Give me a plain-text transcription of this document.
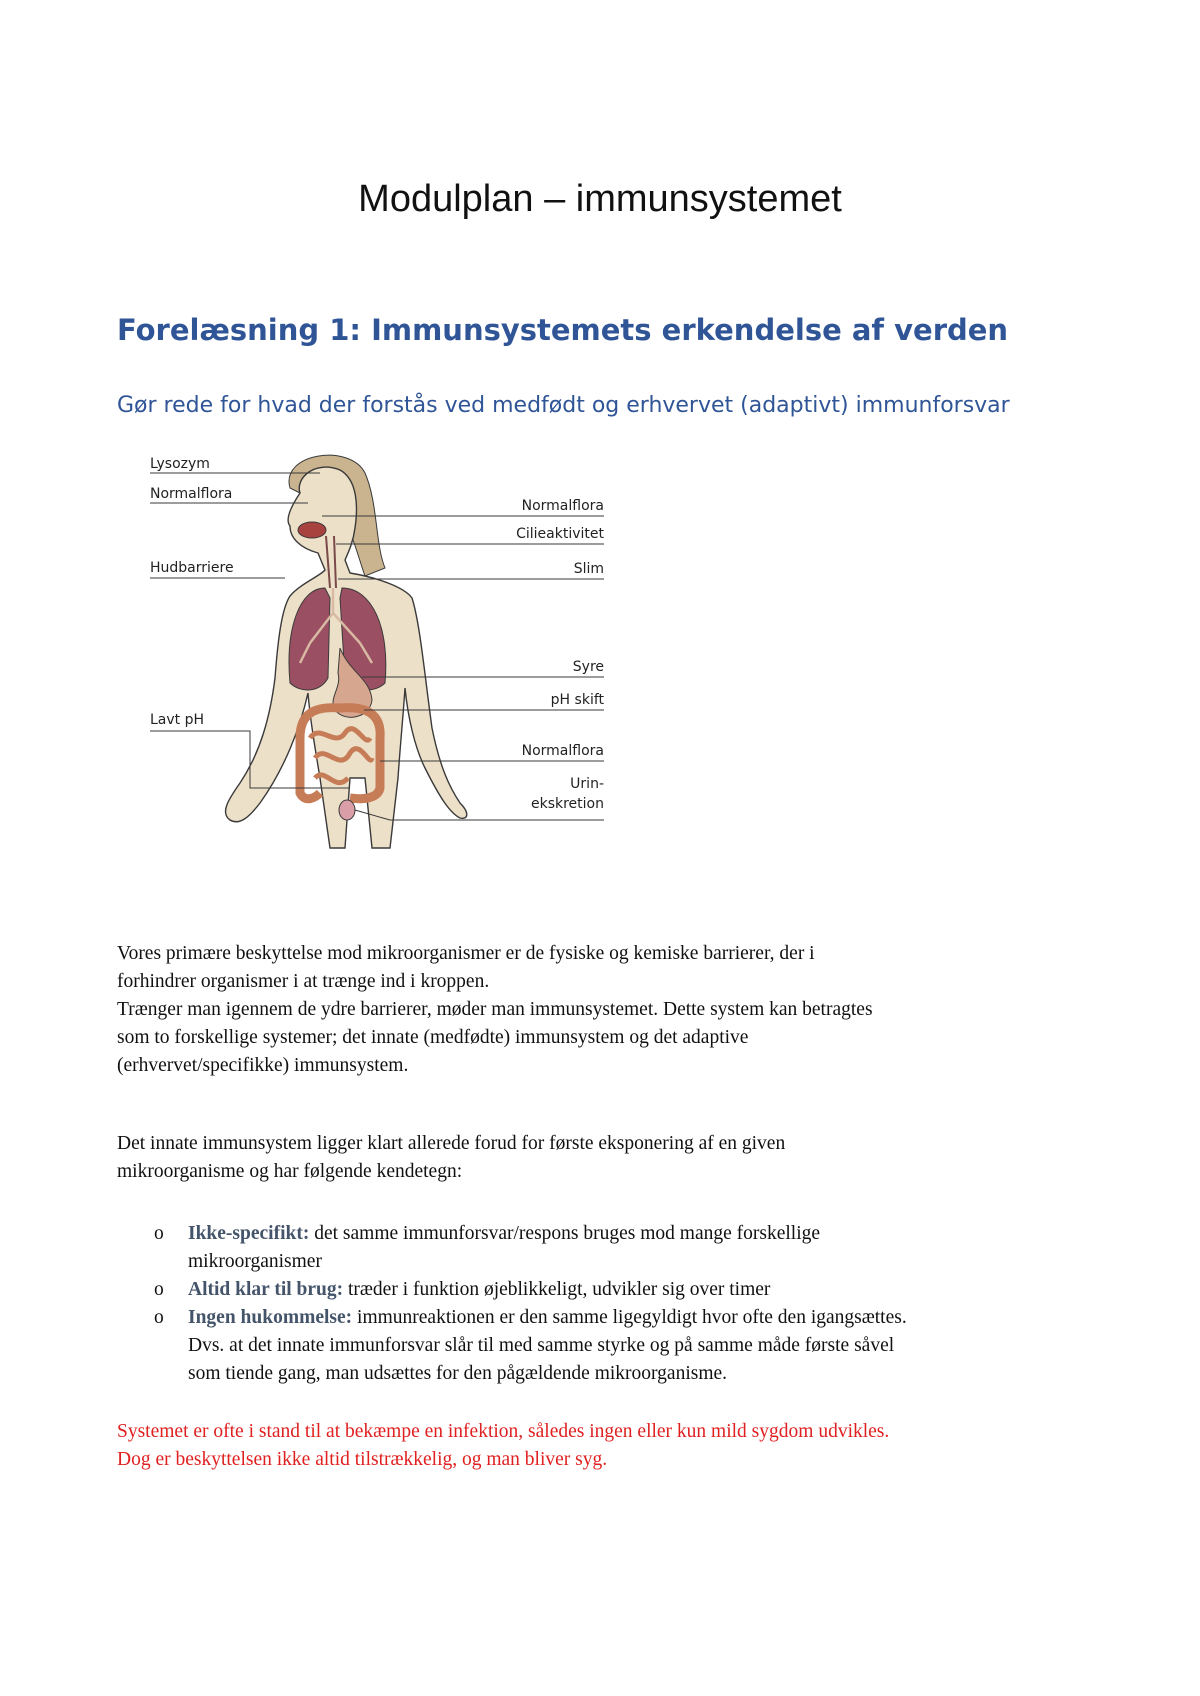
Modulplan – immunsystemet
Forelæsning 1: Immunsystemets erkendelse af verden
Gør rede for hvad der forstås ved medfødt og erhvervet (adaptivt) immunforsvar
Lysozym
Normalflora
Hudbarriere
Lavt pH
Normalflora
Cilieaktivitet
Slim
Syre
pH skift
Normalflora
Urin-
ekskretion
Vores primære beskyttelse mod mikroorganismer er de fysiske og kemiske barrierer, der i
forhindrer organismer i at trænge ind i kroppen.
Trænger man igennem de ydre barrierer, møder man immunsystemet. Dette system kan betragtes
som to forskellige systemer; det innate (medfødte) immunsystem og det adaptive
(erhvervet/specifikke) immunsystem.
Det innate immunsystem ligger klart allerede forud for første eksponering af en given
mikroorganisme og har følgende kendetegn:
o Ikke-specifikt: det samme immunforsvar/respons bruges mod mange forskellige
mikroorganismer
o Altid klar til brug: træder i funktion øjeblikkeligt, udvikler sig over timer
o Ingen hukommelse: immunreaktionen er den samme ligegyldigt hvor ofte den igangsættes.
Dvs. at det innate immunforsvar slår til med samme styrke og på samme måde første såvel
som tiende gang, man udsættes for den pågældende mikroorganisme.
Systemet er ofte i stand til at bekæmpe en infektion, således ingen eller kun mild sygdom udvikles.
Dog er beskyttelsen ikke altid tilstrækkelig, og man bliver syg.
